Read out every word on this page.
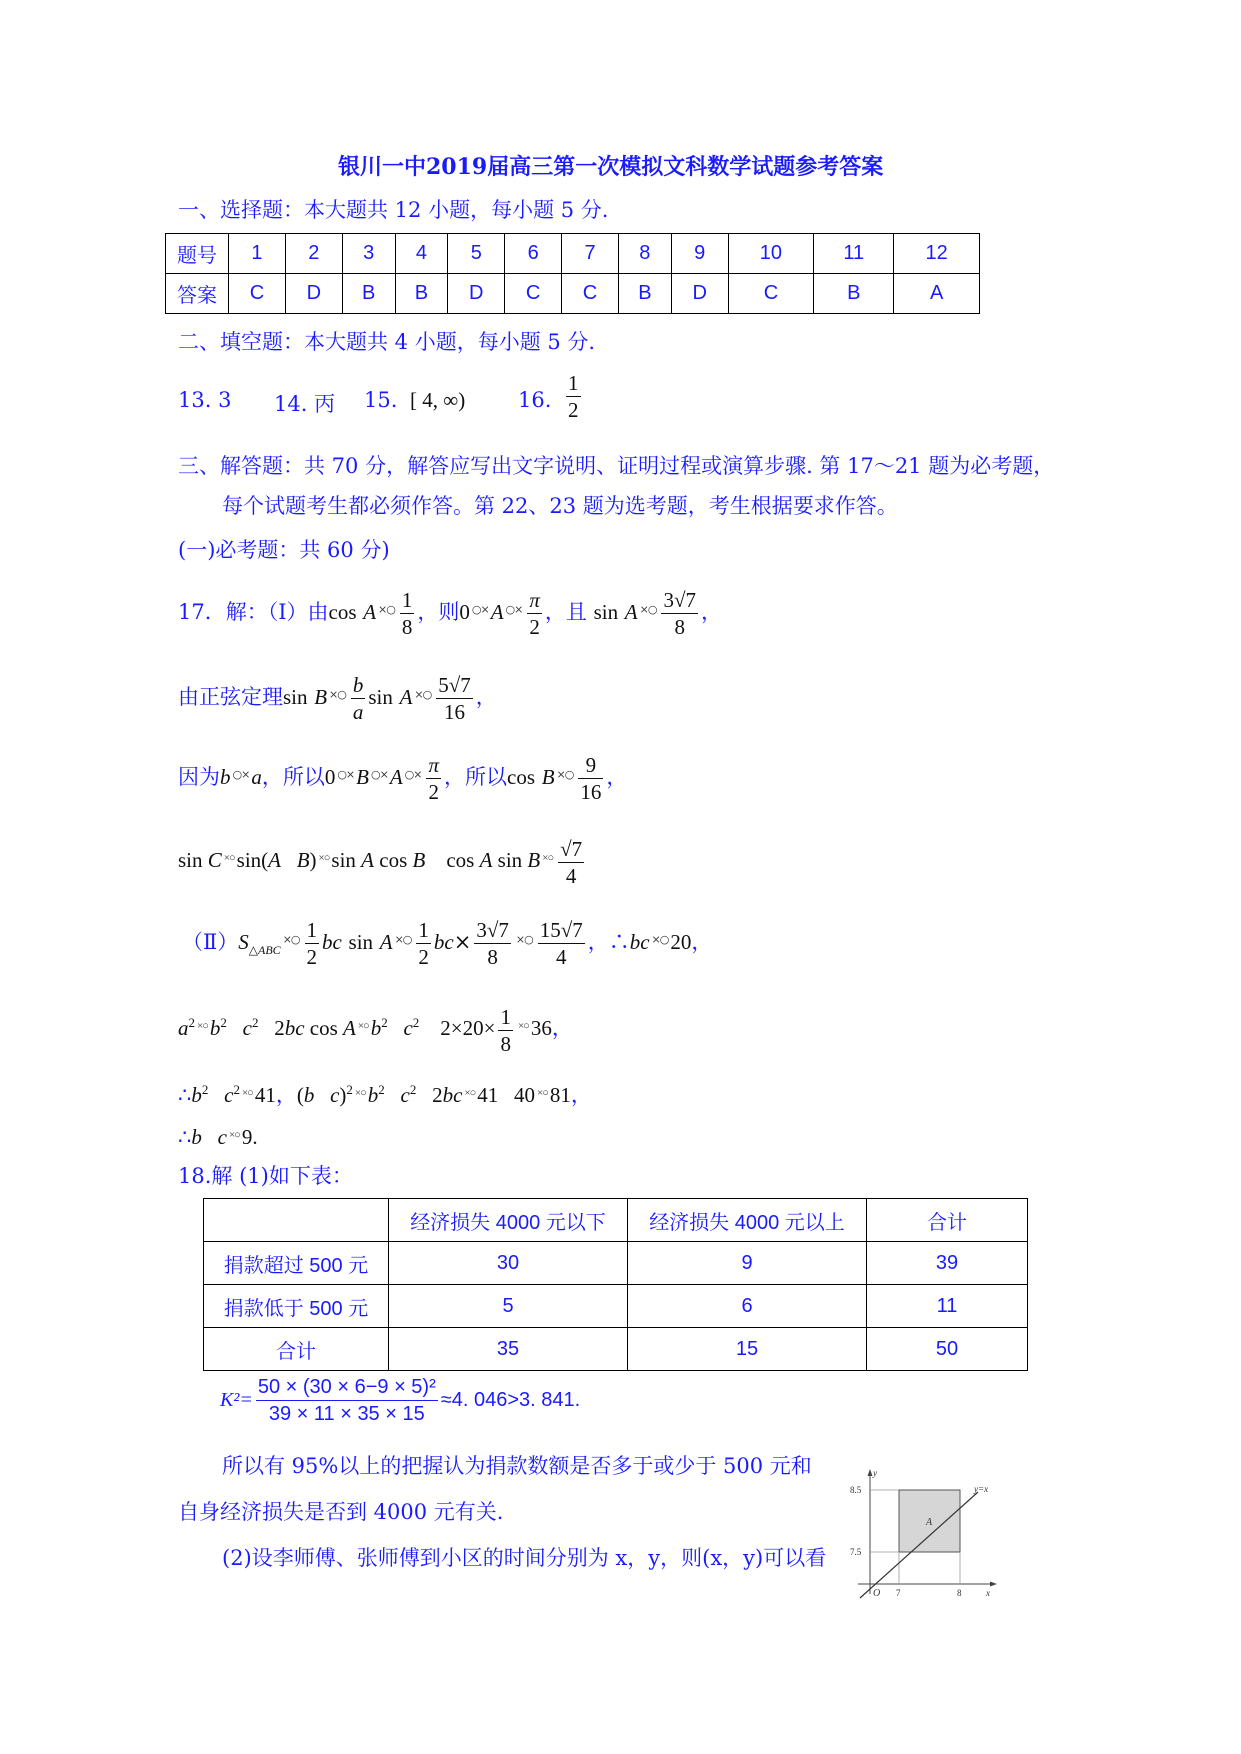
银川一中2019届高三第一次模拟文科数学试题参考答案
一、选择题：本大题共 12 小题，每小题 5 分.
题号	1	2	3	4	5	6	7	8	9	10	11	12
答案	C	D	B	B	D	C	C	B	D	C	B	A
二、填空题：本大题共 4 小题，每小题 5 分.
13. 3 14. 丙 15. [ 4, ∞)	16. $\frac{1}{2}$
三、解答题：共 70 分，解答应写出文字说明、证明过程或演算步骤. 第 17～21 题为必考题，
每个试题考生都必须作答。第 22、23 题为选考题，考生根据要求作答。
(一)必考题：共 60 分)
17．解：（Ⅰ）由cos A $^{\times○} \frac{1}{8}$ ，则0 ○×A $^{○\times} \frac{\pi}{2}$ ，且 sin A $^{\times○} \frac{3√7}{8}$ ，
由正弦定理sin B $^{\times○} \frac{b}{a}$ sin A $^{\times○} \frac{5√7}{16}$ ，
因为b ○×a，所以0 ○×B ○×A $^{○\times} \frac{\pi}{2}$ ，所以cos B $^{\times○} \frac{9}{16}$ ，
sin C ×○sin(A B) ×○sin A cos B    cos A sin B $^{\times○} \frac{√7}{4}$
$(Ⅱ)S_{\triangle ABC}^{\times○} \frac{1}{2}$ bc sin A $^{\times○} \frac{1}{2} bc\times \frac{3√7}{8} ^{\times○} \frac{15√7}{4}$ ，∴bc ×○20，
$a^2$ $^{\times○}b^2$ $c^2$   2bc cos A $^{\times○}b^2$ $c^2$    $2\times 20\times \frac{1}{8} ^{\times○}36$，
$\therefore b^2$ $c^2$ ×○41，(b c)$^2$ $^{\times○}b^2$ $c^2$   2bc ×○41   40 ×○81，
∴b c ×○9.
18.解 (1)如下表：
	经济损失 4000 元以下	经济损失 4000 元以上	合计
捐款超过 500 元	30	9	39
捐款低于 500 元	5	6	11
合计	35	15	50
$K^2= \frac{\text{50 × (30 × 6−9 × 5)²}}{39 \times 11 \times 35 \times 15} \approx 4$. 046>3. 841.
所以有 95%以上的把握认为捐款数额是否多于或少于 500 元和
自身经济损失是否到 4000 元有关.
(2)设李师傅、张师傅到小区的时间分别为 x，y，则(x，y)可以看
y
x
O 7	8
7.5
8.5
A
y=x
